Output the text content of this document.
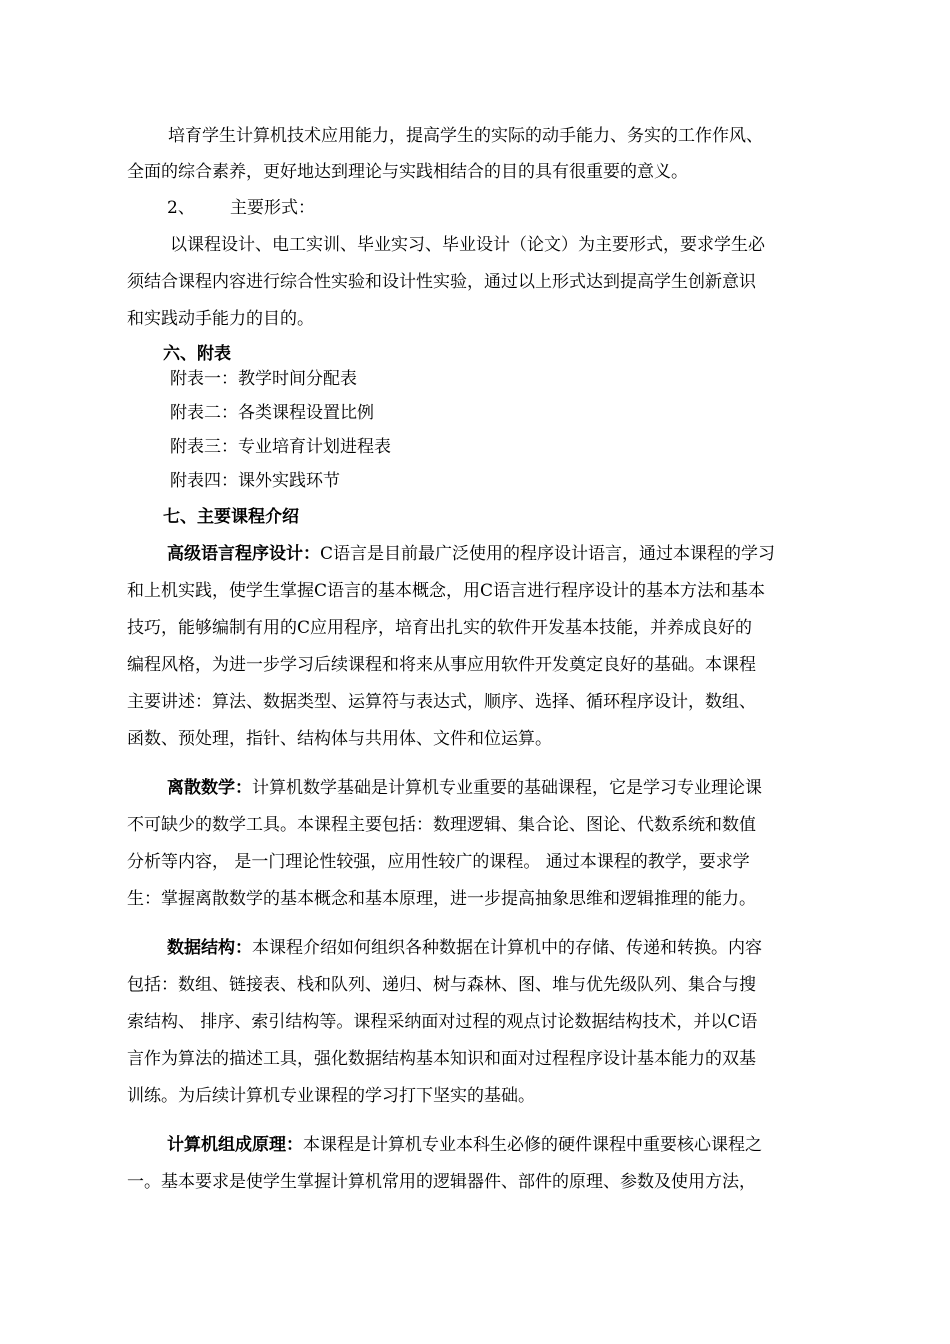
培育学生计算机技术应用能力，提高学生的实际的动手能力、务实的工作作风、
全面的综合素养，更好地达到理论与实践相结合的目的具有很重要的意义。
2、 主要形式：
以课程设计、电工实训、毕业实习、毕业设计（论文）为主要形式，要求学生必
须结合课程内容进行综合性实验和设计性实验，通过以上形式达到提高学生创新意识
和实践动手能力的目的。
六、附表
附表一：教学时间分配表
附表二：各类课程设置比例
附表三：专业培育计划进程表
附表四：课外实践环节
七、主要课程介绍
高级语言程序设计：C语言是目前最广泛使用的程序设计语言，通过本课程的学习
和上机实践，使学生掌握C语言的基本概念，用C语言进行程序设计的基本方法和基本
技巧，能够编制有用的C应用程序，培育出扎实的软件开发基本技能，并养成良好的
编程风格，为进一步学习后续课程和将来从事应用软件开发奠定良好的基础。本课程
主要讲述：算法、数据类型、运算符与表达式，顺序、选择、循环程序设计，数组、
函数、预处理，指针、结构体与共用体、文件和位运算。
离散数学：计算机数学基础是计算机专业重要的基础课程，它是学习专业理论课
不可缺少的数学工具。本课程主要包括：数理逻辑、集合论、图论、代数系统和数值
分析等内容， 是一门理论性较强，应用性较广的课程。 通过本课程的教学，要求学
生：掌握离散数学的基本概念和基本原理，进一步提高抽象思维和逻辑推理的能力。
数据结构：本课程介绍如何组织各种数据在计算机中的存储、传递和转换。内容
包括：数组、链接表、栈和队列、递归、树与森林、图、堆与优先级队列、集合与搜
索结构、 排序、索引结构等。课程采纳面对过程的观点讨论数据结构技术，并以C语
言作为算法的描述工具，强化数据结构基本知识和面对过程程序设计基本能力的双基
训练。为后续计算机专业课程的学习打下坚实的基础。
计算机组成原理：本课程是计算机专业本科生必修的硬件课程中重要核心课程之
一。基本要求是使学生掌握计算机常用的逻辑器件、部件的原理、参数及使用方法，
